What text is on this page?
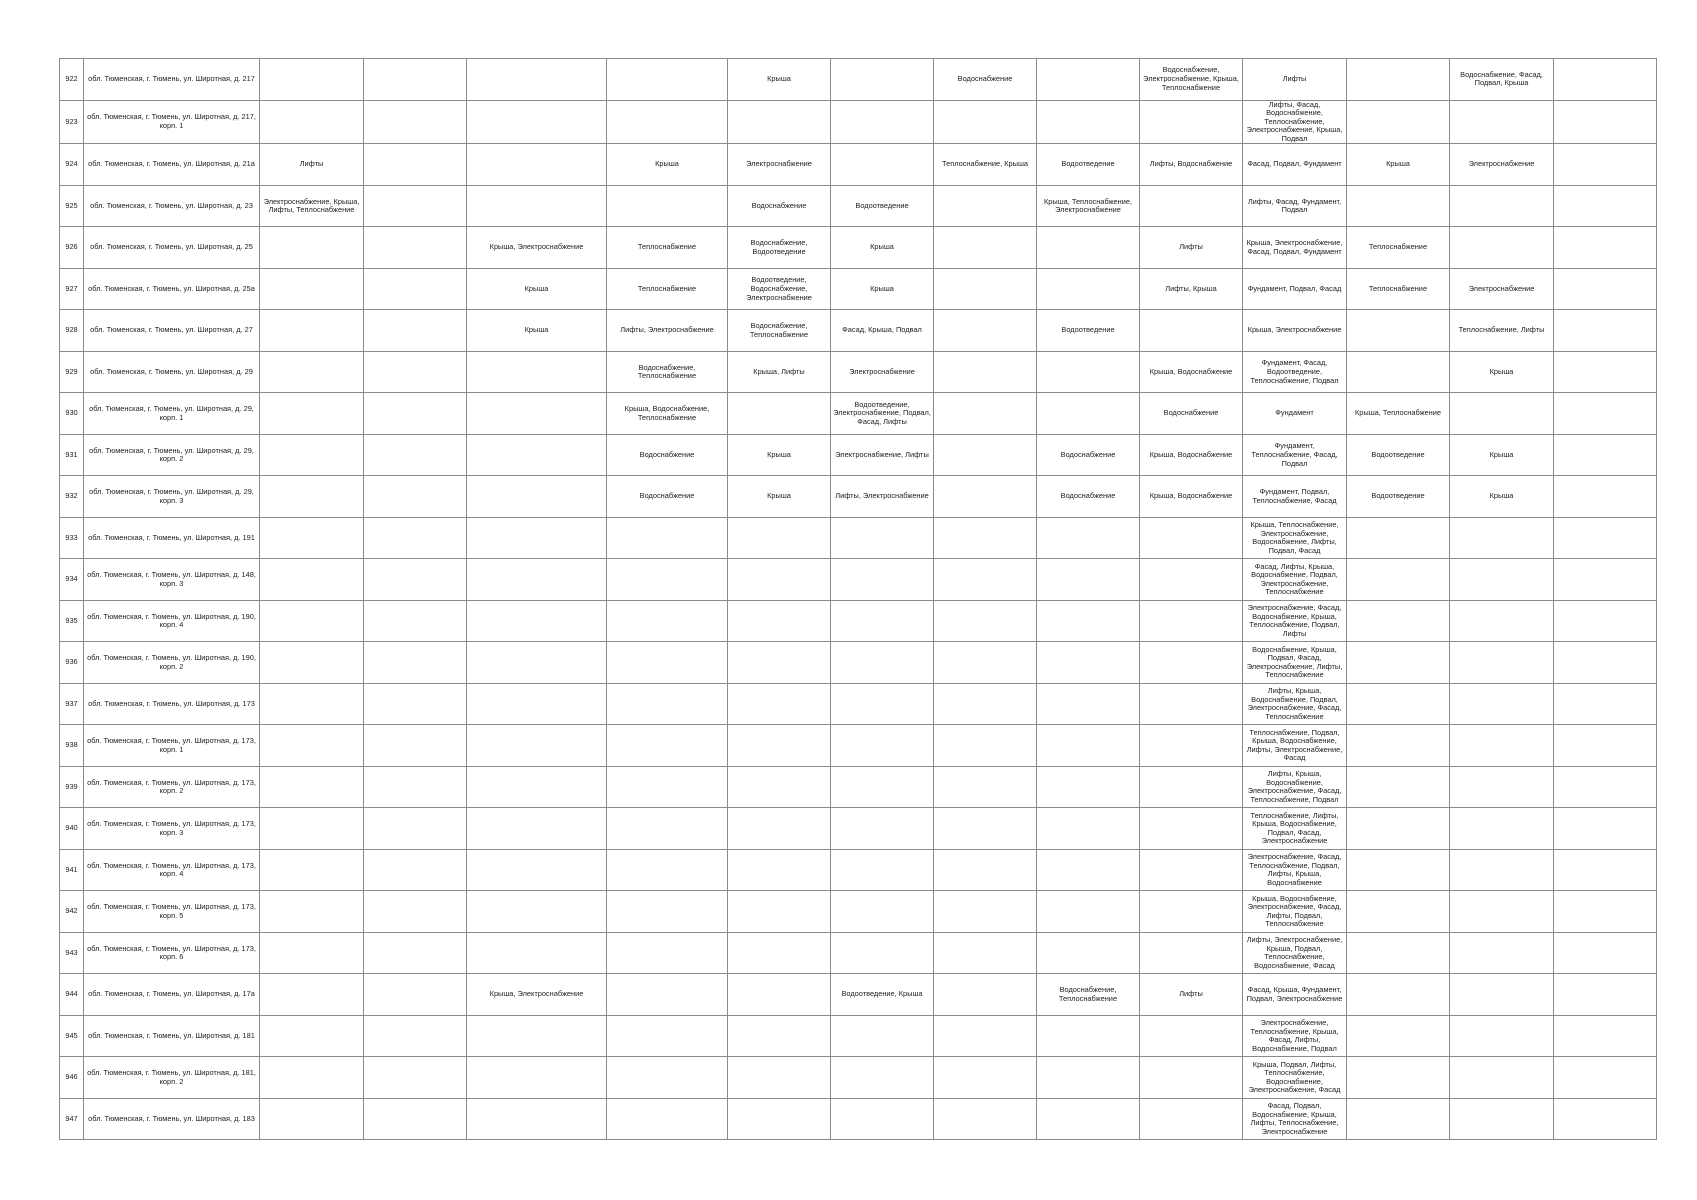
922	обл. Тюменская, г. Тюмень, ул. Широтная, д. 217					Крыша		Водоснабжение		Водоснабжение, Электроснабжение, Крыша, Теплоснабжение	Лифты		Водоснабжение, Фасад, Подвал, Крыша	
923	обл. Тюменская, г. Тюмень, ул. Широтная, д. 217, корп. 1										Лифты, Фасад, Водоснабжение, Теплоснабжение, Электроснабжение, Крыша, Подвал			
924	обл. Тюменская, г. Тюмень, ул. Широтная, д. 21а	Лифты			Крыша	Электроснабжение		Теплоснабжение, Крыша	Водоотведение	Лифты, Водоснабжение	Фасад, Подвал, Фундамент	Крыша	Электроснабжение	
925	обл. Тюменская, г. Тюмень, ул. Широтная, д. 23	Электроснабжение, Крыша, Лифты, Теплоснабжение				Водоснабжение	Водоотведение		Крыша, Теплоснабжение, Электроснабжение		Лифты, Фасад, Фундамент, Подвал			
926	обл. Тюменская, г. Тюмень, ул. Широтная, д. 25			Крыша, Электроснабжение	Теплоснабжение	Водоснабжение, Водоотведение	Крыша			Лифты	Крыша, Электроснабжение, Фасад, Подвал, Фундамент	Теплоснабжение		
927	обл. Тюменская, г. Тюмень, ул. Широтная, д. 25а			Крыша	Теплоснабжение	Водоотведение, Водоснабжение, Электроснабжение	Крыша			Лифты, Крыша	Фундамент, Подвал, Фасад	Теплоснабжение	Электроснабжение	
928	обл. Тюменская, г. Тюмень, ул. Широтная, д. 27			Крыша	Лифты, Электроснабжение	Водоснабжение, Теплоснабжение	Фасад, Крыша, Подвал		Водоотведение		Крыша, Электроснабжение		Теплоснабжение, Лифты	
929	обл. Тюменская, г. Тюмень, ул. Широтная, д. 29				Водоснабжение, Теплоснабжение	Крыша, Лифты	Электроснабжение			Крыша, Водоснабжение	Фундамент, Фасад, Водоотведение, Теплоснабжение, Подвал		Крыша	
930	обл. Тюменская, г. Тюмень, ул. Широтная, д. 29, корп. 1				Крыша, Водоснабжение, Теплоснабжение		Водоотведение, Электроснабжение, Подвал, Фасад, Лифты			Водоснабжение	Фундамент	Крыша, Теплоснабжение		
931	обл. Тюменская, г. Тюмень, ул. Широтная, д. 29, корп. 2				Водоснабжение	Крыша	Электроснабжение, Лифты		Водоснабжение	Крыша, Водоснабжение	Фундамент, Теплоснабжение, Фасад, Подвал	Водоотведение	Крыша	
932	обл. Тюменская, г. Тюмень, ул. Широтная, д. 29, корп. 3				Водоснабжение	Крыша	Лифты, Электроснабжение		Водоснабжение	Крыша, Водоснабжение	Фундамент, Подвал, Теплоснабжение, Фасад	Водоотведение	Крыша	
933	обл. Тюменская, г. Тюмень, ул. Широтная, д. 191										Крыша, Теплоснабжение, Электроснабжение, Водоснабжение, Лифты, Подвал, Фасад			
934	обл. Тюменская, г. Тюмень, ул. Широтная, д. 148, корп. 3										Фасад, Лифты, Крыша, Водоснабжение, Подвал, Электроснабжение, Теплоснабжение			
935	обл. Тюменская, г. Тюмень, ул. Широтная, д. 190, корп. 4										Электроснабжение, Фасад, Водоснабжение, Крыша, Теплоснабжение, Подвал, Лифты			
936	обл. Тюменская, г. Тюмень, ул. Широтная, д. 190, корп. 2										Водоснабжение, Крыша, Подвал, Фасад, Электроснабжение, Лифты, Теплоснабжение			
937	обл. Тюменская, г. Тюмень, ул. Широтная, д. 173										Лифты, Крыша, Водоснабжение, Подвал, Электроснабжение, Фасад, Теплоснабжение			
938	обл. Тюменская, г. Тюмень, ул. Широтная, д. 173, корп. 1										Теплоснабжение, Подвал, Крыша, Водоснабжение, Лифты, Электроснабжение, Фасад			
939	обл. Тюменская, г. Тюмень, ул. Широтная, д. 173, корп. 2										Лифты, Крыша, Водоснабжение, Электроснабжение, Фасад, Теплоснабжение, Подвал			
940	обл. Тюменская, г. Тюмень, ул. Широтная, д. 173, корп. 3										Теплоснабжение, Лифты, Крыша, Водоснабжение, Подвал, Фасад, Электроснабжение			
941	обл. Тюменская, г. Тюмень, ул. Широтная, д. 173, корп. 4										Электроснабжение, Фасад, Теплоснабжение, Подвал, Лифты, Крыша, Водоснабжение			
942	обл. Тюменская, г. Тюмень, ул. Широтная, д. 173, корп. 5										Крыша, Водоснабжение, Электроснабжение, Фасад, Лифты, Подвал, Теплоснабжение			
943	обл. Тюменская, г. Тюмень, ул. Широтная, д. 173, корп. 6										Лифты, Электроснабжение, Крыша, Подвал, Теплоснабжение, Водоснабжение, Фасад			
944	обл. Тюменская, г. Тюмень, ул. Широтная, д. 17а			Крыша, Электроснабжение			Водоотведение, Крыша		Водоснабжение, Теплоснабжение	Лифты	Фасад, Крыша, Фундамент, Подвал, Электроснабжение			
945	обл. Тюменская, г. Тюмень, ул. Широтная, д. 181										Электроснабжение, Теплоснабжение, Крыша, Фасад, Лифты, Водоснабжение, Подвал			
946	обл. Тюменская, г. Тюмень, ул. Широтная, д. 181, корп. 2										Крыша, Подвал, Лифты, Теплоснабжение, Водоснабжение, Электроснабжение, Фасад			
947	обл. Тюменская, г. Тюмень, ул. Широтная, д. 183										Фасад, Подвал, Водоснабжение, Крыша, Лифты, Теплоснабжение, Электроснабжение			
